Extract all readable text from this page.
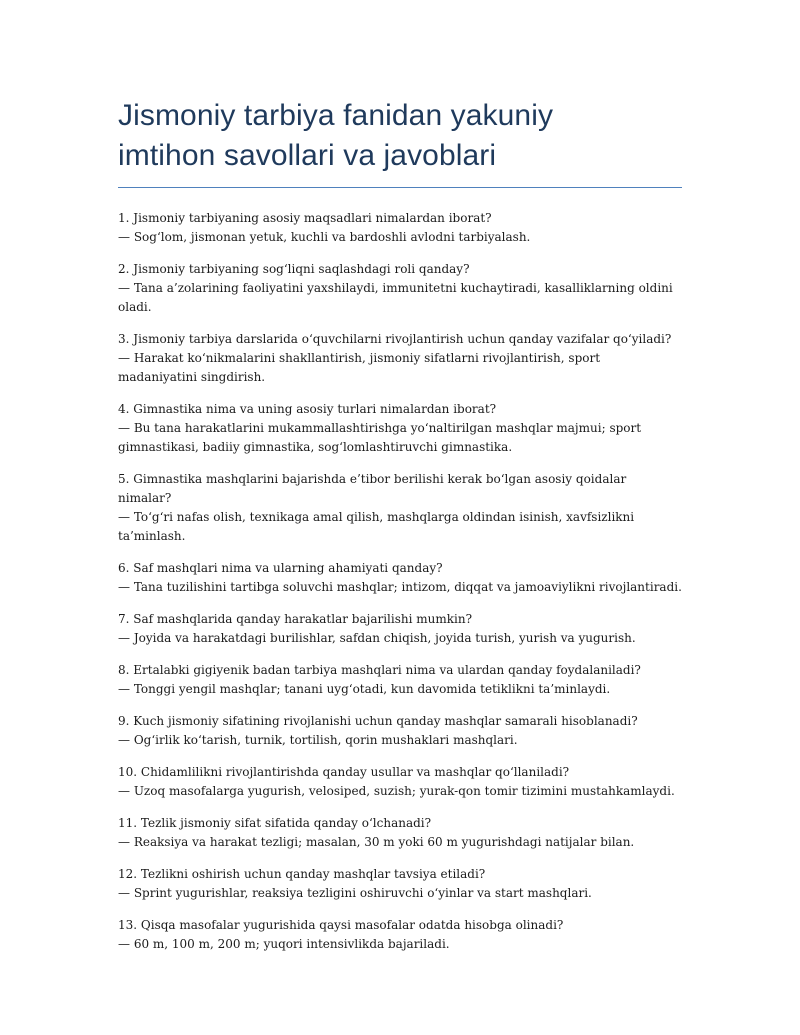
Jismoniy tarbiya fanidan yakuniy
imtihon savollari va javoblari

1. Jismoniy tarbiyaning asosiy maqsadlari nimalardan iborat?

— Sog‘lom, jismonan yetuk, kuchli va bardoshli avlodni tarbiyalash.

2. Jismoniy tarbiyaning sog‘liqni saqlashdagi roli qanday?

— Tana a’zolarining faoliyatini yaxshilaydi, immunitetni kuchaytiradi, kasalliklarning oldini oladi.

3. Jismoniy tarbiya darslarida o‘quvchilarni rivojlantirish uchun qanday vazifalar qo‘yiladi?

— Harakat ko‘nikmalarini shakllantirish, jismoniy sifatlarni rivojlantirish, sport madaniyatini singdirish.

4. Gimnastika nima va uning asosiy turlari nimalardan iborat?

— Bu tana harakatlarini mukammallashtirishga yo‘naltirilgan mashqlar majmui; sport gimnastikasi, badiiy gimnastika, sog‘lomlashtiruvchi gimnastika.

5. Gimnastika mashqlarini bajarishda e’tibor berilishi kerak bo‘lgan asosiy qoidalar nimalar?

— To‘g‘ri nafas olish, texnikaga amal qilish, mashqlarga oldindan isinish, xavfsizlikni ta’minlash.

6. Saf mashqlari nima va ularning ahamiyati qanday?

— Tana tuzilishini tartibga soluvchi mashqlar; intizom, diqqat va jamoaviylikni rivojlantiradi.

7. Saf mashqlarida qanday harakatlar bajarilishi mumkin?

— Joyida va harakatdagi burilishlar, safdan chiqish, joyida turish, yurish va yugurish.

8. Ertalabki gigiyenik badan tarbiya mashqlari nima va ulardan qanday foydalaniladi?

— Tonggi yengil mashqlar; tanani uyg‘otadi, kun davomida tetiklikni ta’minlaydi.

9. Kuch jismoniy sifatining rivojlanishi uchun qanday mashqlar samarali hisoblanadi?

— Og‘irlik ko‘tarish, turnik, tortilish, qorin mushaklari mashqlari.

10. Chidamlilikni rivojlantirishda qanday usullar va mashqlar qo‘llaniladi?

— Uzoq masofalarga yugurish, velosiped, suzish; yurak-qon tomir tizimini mustahkamlaydi.

11. Tezlik jismoniy sifat sifatida qanday o‘lchanadi?

— Reaksiya va harakat tezligi; masalan, 30 m yoki 60 m yugurishdagi natijalar bilan.

12. Tezlikni oshirish uchun qanday mashqlar tavsiya etiladi?

— Sprint yugurishlar, reaksiya tezligini oshiruvchi o‘yinlar va start mashqlari.

13. Qisqa masofalar yugurishida qaysi masofalar odatda hisobga olinadi?

— 60 m, 100 m, 200 m; yuqori intensivlikda bajariladi.
